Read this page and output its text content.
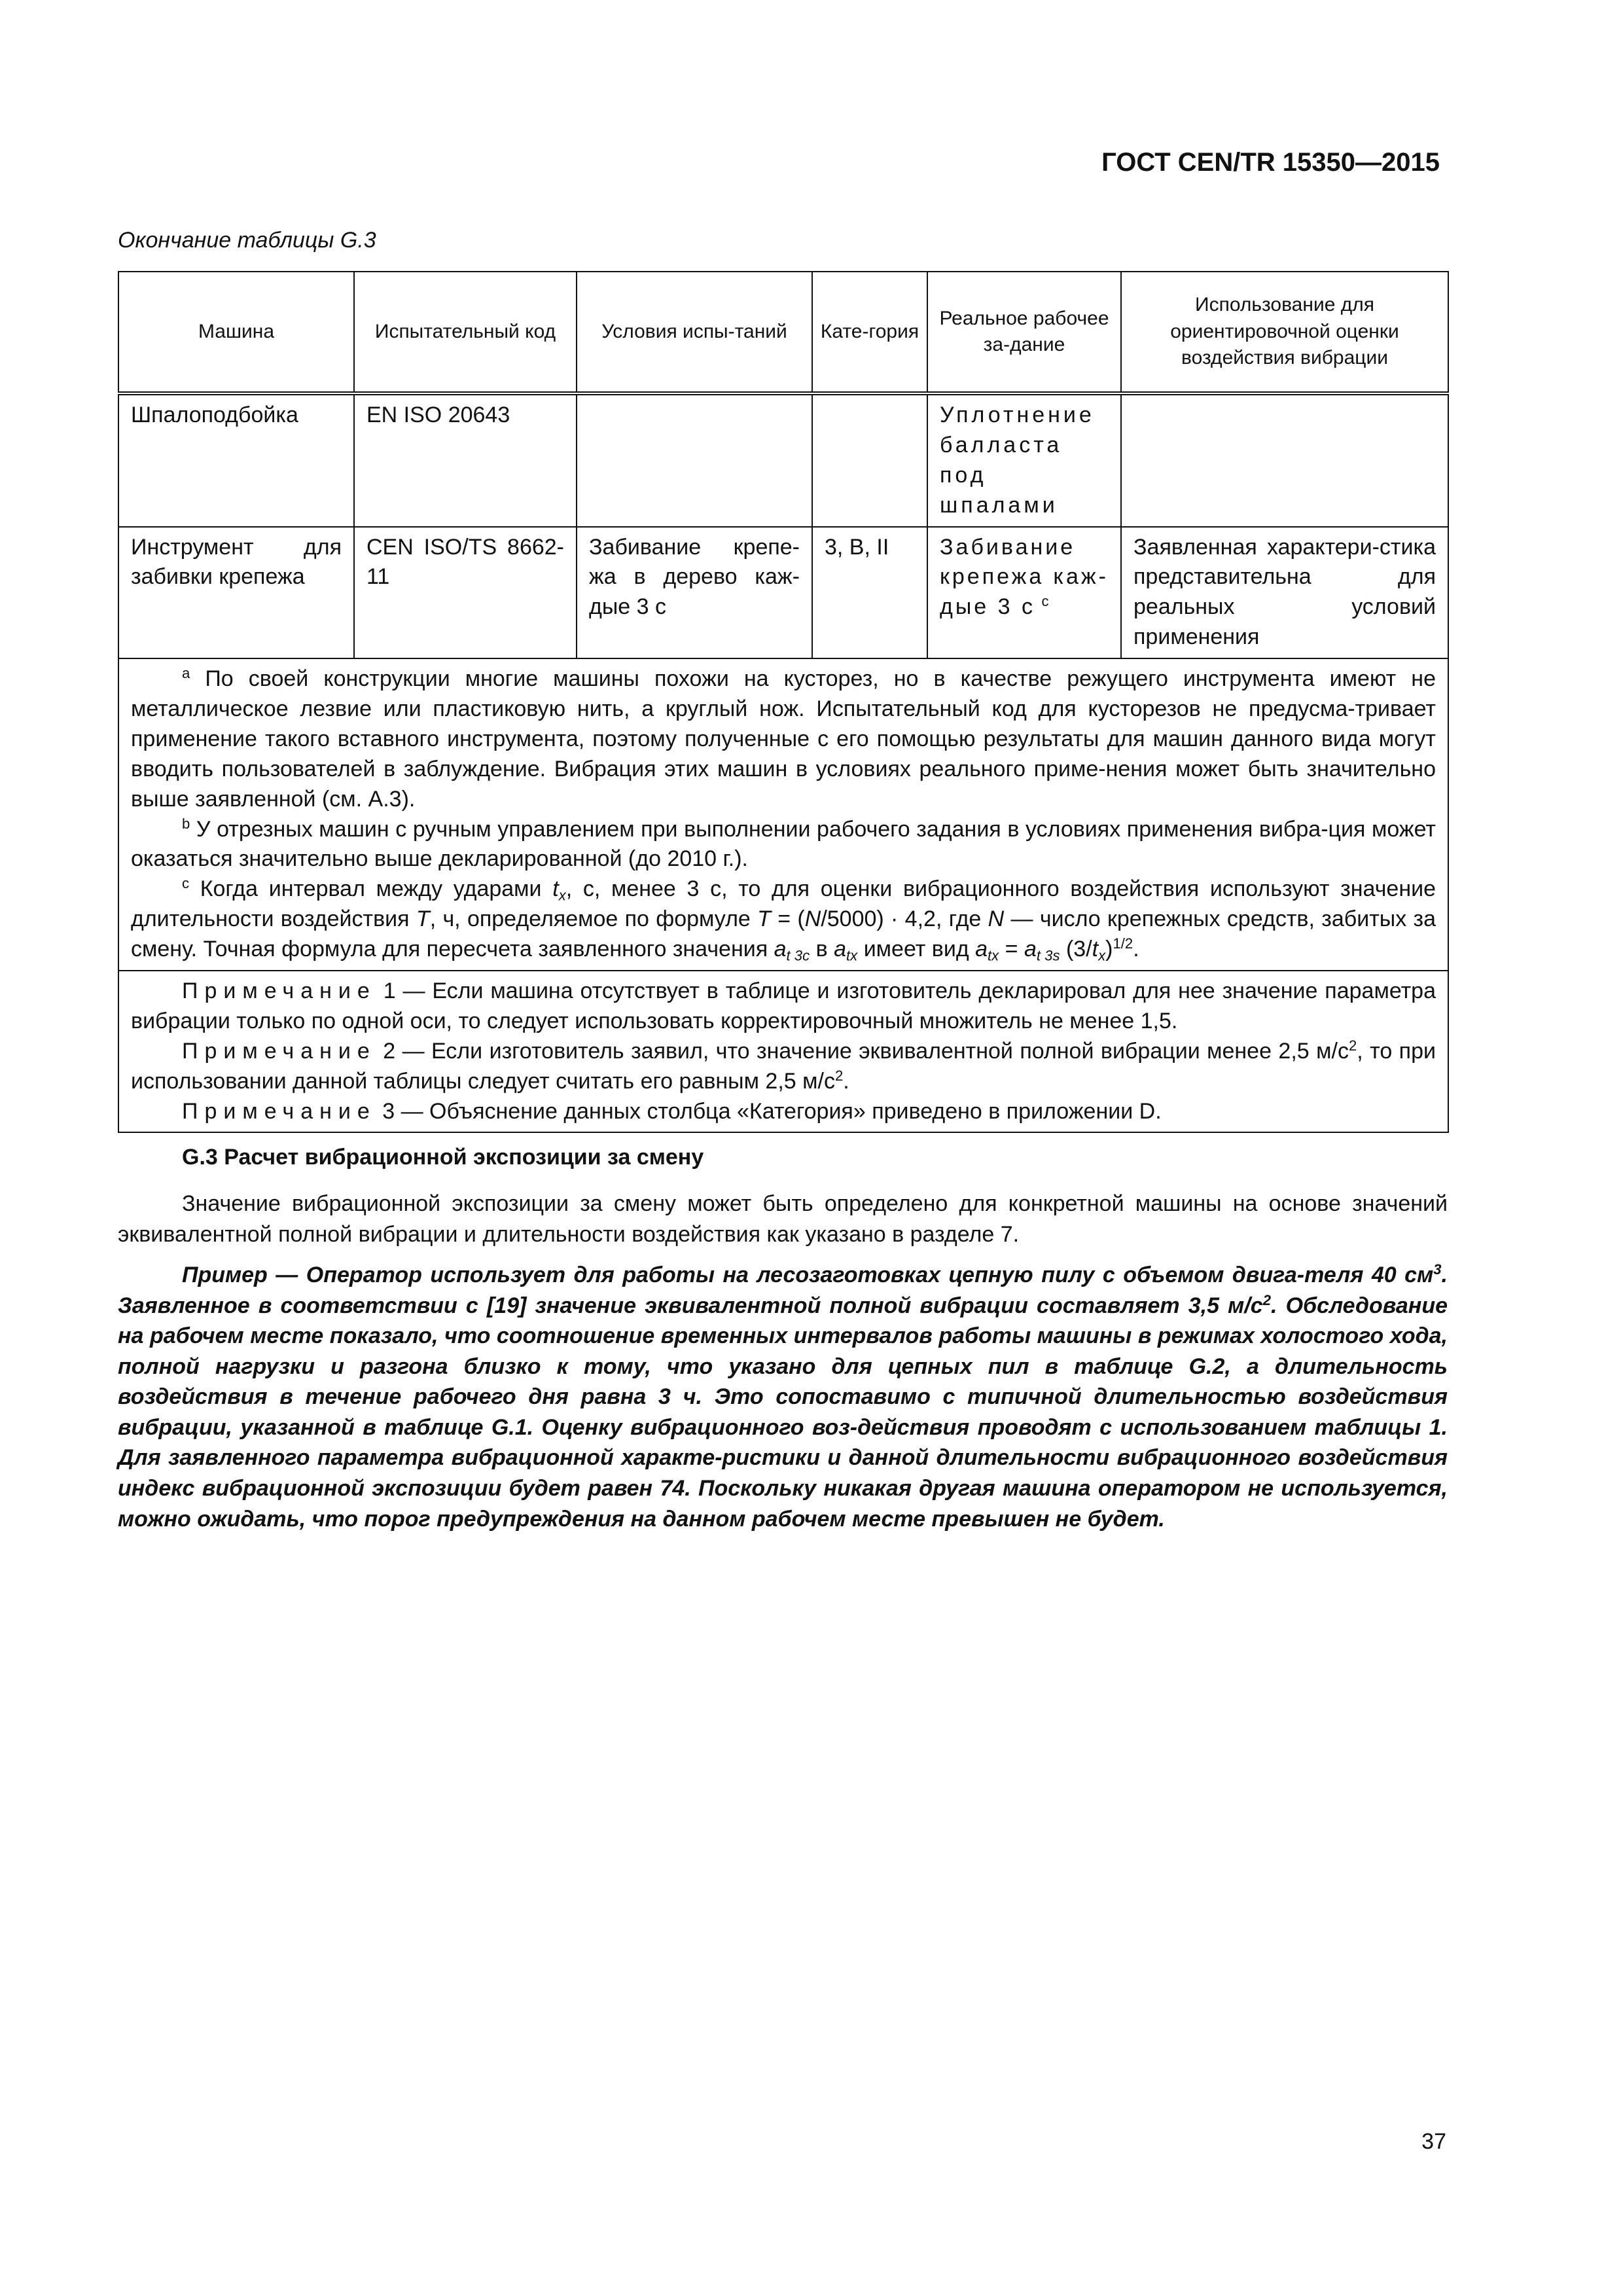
ГОСТ CEN/TR 15350—2015
Окончание таблицы G.3
Машина	Испытательный код	Условия испы-таний	Кате-гория	Реальное рабочее за-дание	Использование для ориентировочной оценки воздействия вибрации
Шпалоподбойка	EN ISO 20643			Уплотнение балласта под шпалами	
Инструмент для забивки крепежа	CEN ISO/TS 8662-11	Забивание крепе-жа в дерево каж-дые 3 с	3, B, II	Забивание крепежа каж-дые 3 с $^c$	Заявленная характери-стика представительна для реальных условий применения

$^a$ По своей конструкции многие машины похожи на кусторез, но в качестве режущего инструмента имеют не металлическое лезвие или пластиковую нить, а круглый нож. Испытательный код для кусторезов не предусма-тривает применение такого вставного инструмента, поэтому полученные с его помощью результаты для машин данного вида могут вводить пользователей в заблуждение. Вибрация этих машин в условиях реального приме-нения может быть значительно выше заявленной (см. A.3).

$^b$ У отрезных машин с ручным управлением при выполнении рабочего задания в условиях применения вибра-ция может оказаться значительно выше декларированной (до 2010 г.).

$^c$ Когда интервал между ударами $t_x$, с, менее 3 с, то для оценки вибрационного воздействия используют значение длительности воздействия T, ч, определяемое по формуле T = (N/5000) · 4,2, где N — число крепежных средств, забитых за смену. Точная формула для пересчета заявленного значения $a_{t 3c}$ в $a_{tx}$ имеет вид $a_{tx} = a_{t 3s}$ $(3/t_x)^{1/2}$.					

Примечание 1 — Если машина отсутствует в таблице и изготовитель декларировал для нее значение параметра вибрации только по одной оси, то следует использовать корректировочный множитель не менее 1,5.

Примечание 2 — Если изготовитель заявил, что значение эквивалентной полной вибрации менее 2,5 $м/с^2$, то при использовании данной таблицы следует считать его равным 2,5 $м/с^2$.

Примечание 3 — Объяснение данных столбца «Категория» приведено в приложении D.					

G.3 Расчет вибрационной экспозиции за смену

Значение вибрационной экспозиции за смену может быть определено для конкретной машины на основе значений эквивалентной полной вибрации и длительности воздействия как указано в разделе 7.

Пример — Оператор использует для работы на лесозаготовках цепную пилу с объемом двига-теля 40 $см^3$. Заявленное в соответствии с [19] значение эквивалентной полной вибрации составляет 3,5 $м/с^2$. Обследование на рабочем месте показало, что соотношение временных интервалов работы машины в режимах холостого хода, полной нагрузки и разгона близко к тому, что указано для цепных пил в таблице G.2, а длительность воздействия в течение рабочего дня равна 3 ч. Это сопоставимо с типичной длительностью воздействия вибрации, указанной в таблице G.1. Оценку вибрационного воз-действия проводят с использованием таблицы 1. Для заявленного параметра вибрационной характе-ристики и данной длительности вибрационного воздействия индекс вибрационной экспозиции будет равен 74. Поскольку никакая другая машина оператором не используется, можно ожидать, что порог предупреждения на данном рабочем месте превышен не будет.

37
